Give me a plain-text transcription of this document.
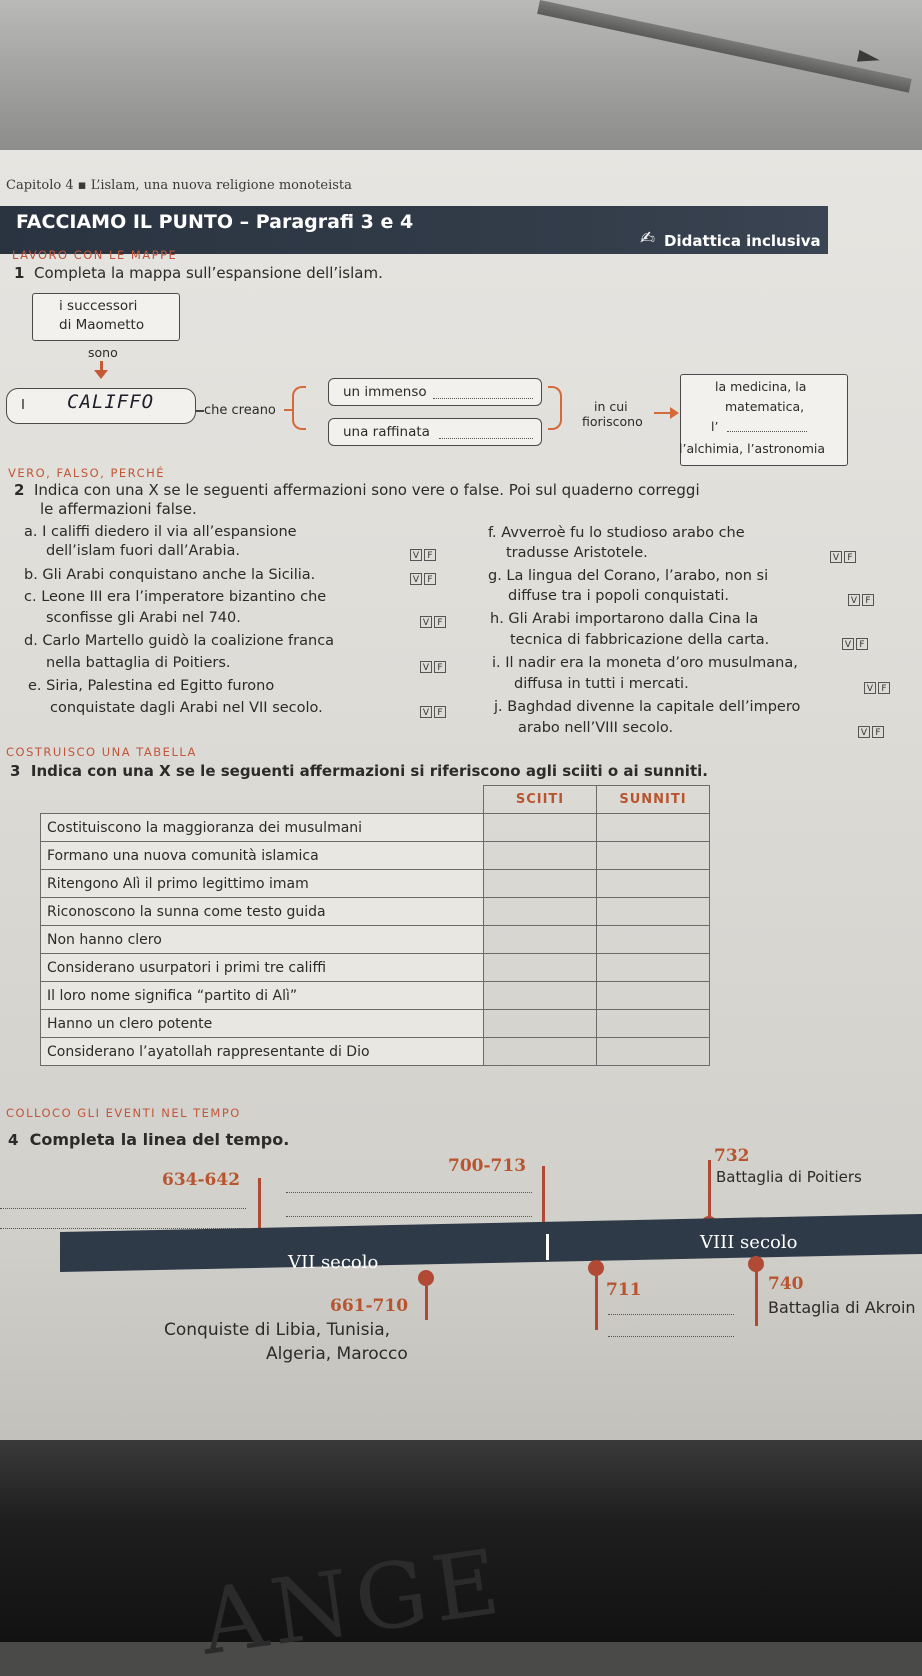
ANGE
Capitolo 4 ▪ L’islam, una nuova religione monoteista
FACCIAMO IL PUNTO – Paragrafi 3 e 4
✍ Didattica inclusiva
LAVORO CON LE MAPPE
1 Completa la mappa sull’espansione dell’islam.
i successori
di Maometto
sono
I CALIFFO	che creano
un immenso
una raffinata
in cui
fioriscono
la medicina, la
matematica,
l’
l’alchimia, l’astronomia
VERO, FALSO, PERCHÉ
2 Indica con una X se le seguenti affermazioni sono vere o false. Poi sul quaderno correggi
le affermazioni false.
a. I califfi diedero il via all’espansione
dell’islam fuori dall’Arabia.	V F
b. Gli Arabi conquistano anche la Sicilia.	V F
c. Leone III era l’imperatore bizantino che
sconfisse gli Arabi nel 740.	V F
d. Carlo Martello guidò la coalizione franca
nella battaglia di Poitiers.	V F
e. Siria, Palestina ed Egitto furono
conquistate dagli Arabi nel VII secolo.	V F
f. Avverroè fu lo studioso arabo che
tradusse Aristotele.	V F
g. La lingua del Corano, l’arabo, non si
diffuse tra i popoli conquistati.	V F
h. Gli Arabi importarono dalla Cina la
tecnica di fabbricazione della carta.	V F
i. Il nadir era la moneta d’oro musulmana,
diffusa in tutti i mercati.	V F
j. Baghdad divenne la capitale dell’impero
arabo nell’VIII secolo.	V F
COSTRUISCO UNA TABELLA
3 Indica con una X se le seguenti affermazioni si riferiscono agli sciiti o ai sunniti.
	SCIITI	SUNNITI
Costituiscono la maggioranza dei musulmani		
Formano una nuova comunità islamica		
Ritengono Alì il primo legittimo imam		
Riconoscono la sunna come testo guida		
Non hanno clero		
Considerano usurpatori i primi tre califfi		
Il loro nome significa “partito di Alì”		
Hanno un clero potente		
Considerano l’ayatollah rappresentante di Dio		
COLLOCO GLI EVENTI NEL TEMPO
4 Completa la linea del tempo.
634-642
700-713	732
Battaglia di Poitiers
VII secolo
VIII secolo
661-710
Conquiste di Libia, Tunisia,
Algeria, Marocco
711	740
Battaglia di Akroin
